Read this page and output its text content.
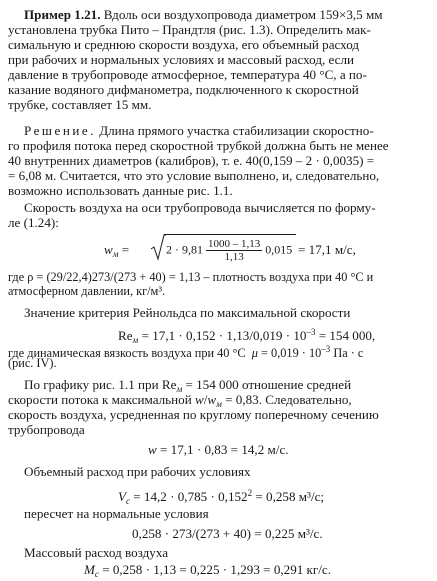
Пример 1.21. Вдоль оси воздухопровода диаметром 159×3,5 мм
установлена трубка Пито – Прандтля (рис. 1.3). Определить мак-
симальную и среднюю скорости воздуха, его объемный расход
при рабочих и нормальных условиях и массовый расход, если
давление в трубопроводе атмосферное, температура 40 °С, а по-
казание водяного дифманометра, подключенного к скоростной
трубке, составляет 15 мм.
Решение. Длина прямого участка стабилизации скоростно-
го профиля потока перед скоростной трубкой должна быть не менее
40 внутренних диаметров (калибров), т. е. 40(0,159 – 2 · 0,0035) =
= 6,08 м. Считается, что это условие выполнено, и, следовательно,
возможно использовать данные рис. 1.1.
Скорость воздуха на оси трубопровода вычисляется по форму-
ле (1.24):
$w_м$ =	$2 \cdot 9,81 \frac{1000 - 1,13}{1,13} 0,015 = 17,1$ м/с,
где ρ = (29/22,4)273/(273 + 40) = 1,13 – плотность воздуха при 40 °С и
атмосферном давлении, кг/м³.
Значение критерия Рейнольдса по максимальной скорости
$Re_м = 17,1 \cdot 0,152 \cdot 1,13/0,019 \cdot 10^{-3} = 154$ 000,
где динамическая вязкость воздуха при 40 °С $\mu = 0,019 \cdot 10^{-3}$ Па · с
(рис. IV).
По графику рис. 1.1 при $Re_м = 154$ 000 отношение средней
скорости потока к максимальной $w/w_м = 0,83$. Следовательно,
скорость воздуха, усредненная по круглому поперечному сечению
трубопровода
w = 17,1 · 0,83 = 14,2 м/с.
Объемный расход при рабочих условиях
$V_с = 14,2 \cdot 0,785 \cdot 0,152^2 = 0,258$ м³/с;
пересчет на нормальные условия
0,258 · 273/(273 + 40) = 0,225 м³/с.
Массовый расход воздуха
$M_с = 0,258 \cdot 1,13 = 0,225 \cdot 1,293 = 0,291$ кг/с.
